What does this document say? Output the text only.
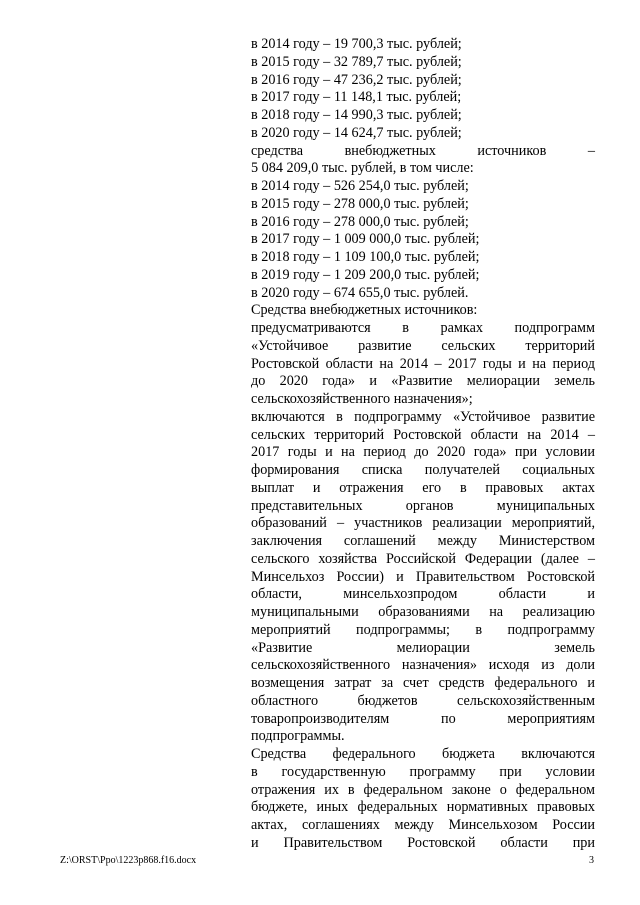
в 2014 году – 19 700,3 тыс. рублей;

в 2015 году – 32 789,7 тыс. рублей;

в 2016 году – 47 236,2 тыс. рублей;

в 2017 году – 11 148,1 тыс. рублей;

в 2018 году – 14 990,3 тыс. рублей;

в 2020 году – 14 624,7 тыс. рублей;

средства внебюджетных источников –

5 084 209,0 тыс. рублей, в том числе:

в 2014 году – 526 254,0 тыс. рублей;

в 2015 году – 278 000,0 тыс. рублей;

в 2016 году – 278 000,0 тыс. рублей;

в 2017 году – 1 009 000,0 тыс. рублей;

в 2018 году – 1 109 100,0 тыс. рублей;

в 2019 году – 1 209 200,0 тыс. рублей;

в 2020 году – 674 655,0 тыс. рублей.

Средства внебюджетных источников:

предусматриваются в рамках подпрограмм

«Устойчивое развитие сельских территорий

Ростовской области на 2014 – 2017 годы и на период

до 2020 года» и «Развитие мелиорации земель

сельскохозяйственного назначения»;

включаются в подпрограмму «Устойчивое развитие

сельских территорий Ростовской области на 2014 –

2017 годы и на период до 2020 года» при условии

формирования списка получателей социальных

выплат и отражения его в правовых актах

представительных органов муниципальных

образований – участников реализации мероприятий,

заключения соглашений между Министерством

сельского хозяйства Российской Федерации (далее –

Минсельхоз России) и Правительством Ростовской

области, минсельхозпродом области и

муниципальными образованиями на реализацию

мероприятий подпрограммы; в подпрограмму

«Развитие мелиорации земель

сельскохозяйственного назначения» исходя из доли

возмещения затрат за счет средств федерального и

областного бюджетов сельскохозяйственным

товаропроизводителям по мероприятиям

подпрограммы.

Средства федерального бюджета включаются

в государственную программу при условии

отражения их в федеральном законе о федеральном

бюджете, иных федеральных нормативных правовых

актах, соглашениях между Минсельхозом России

и Правительством Ростовской области при

Z:\ORST\Ppo\1223p868.f16.docx	3
